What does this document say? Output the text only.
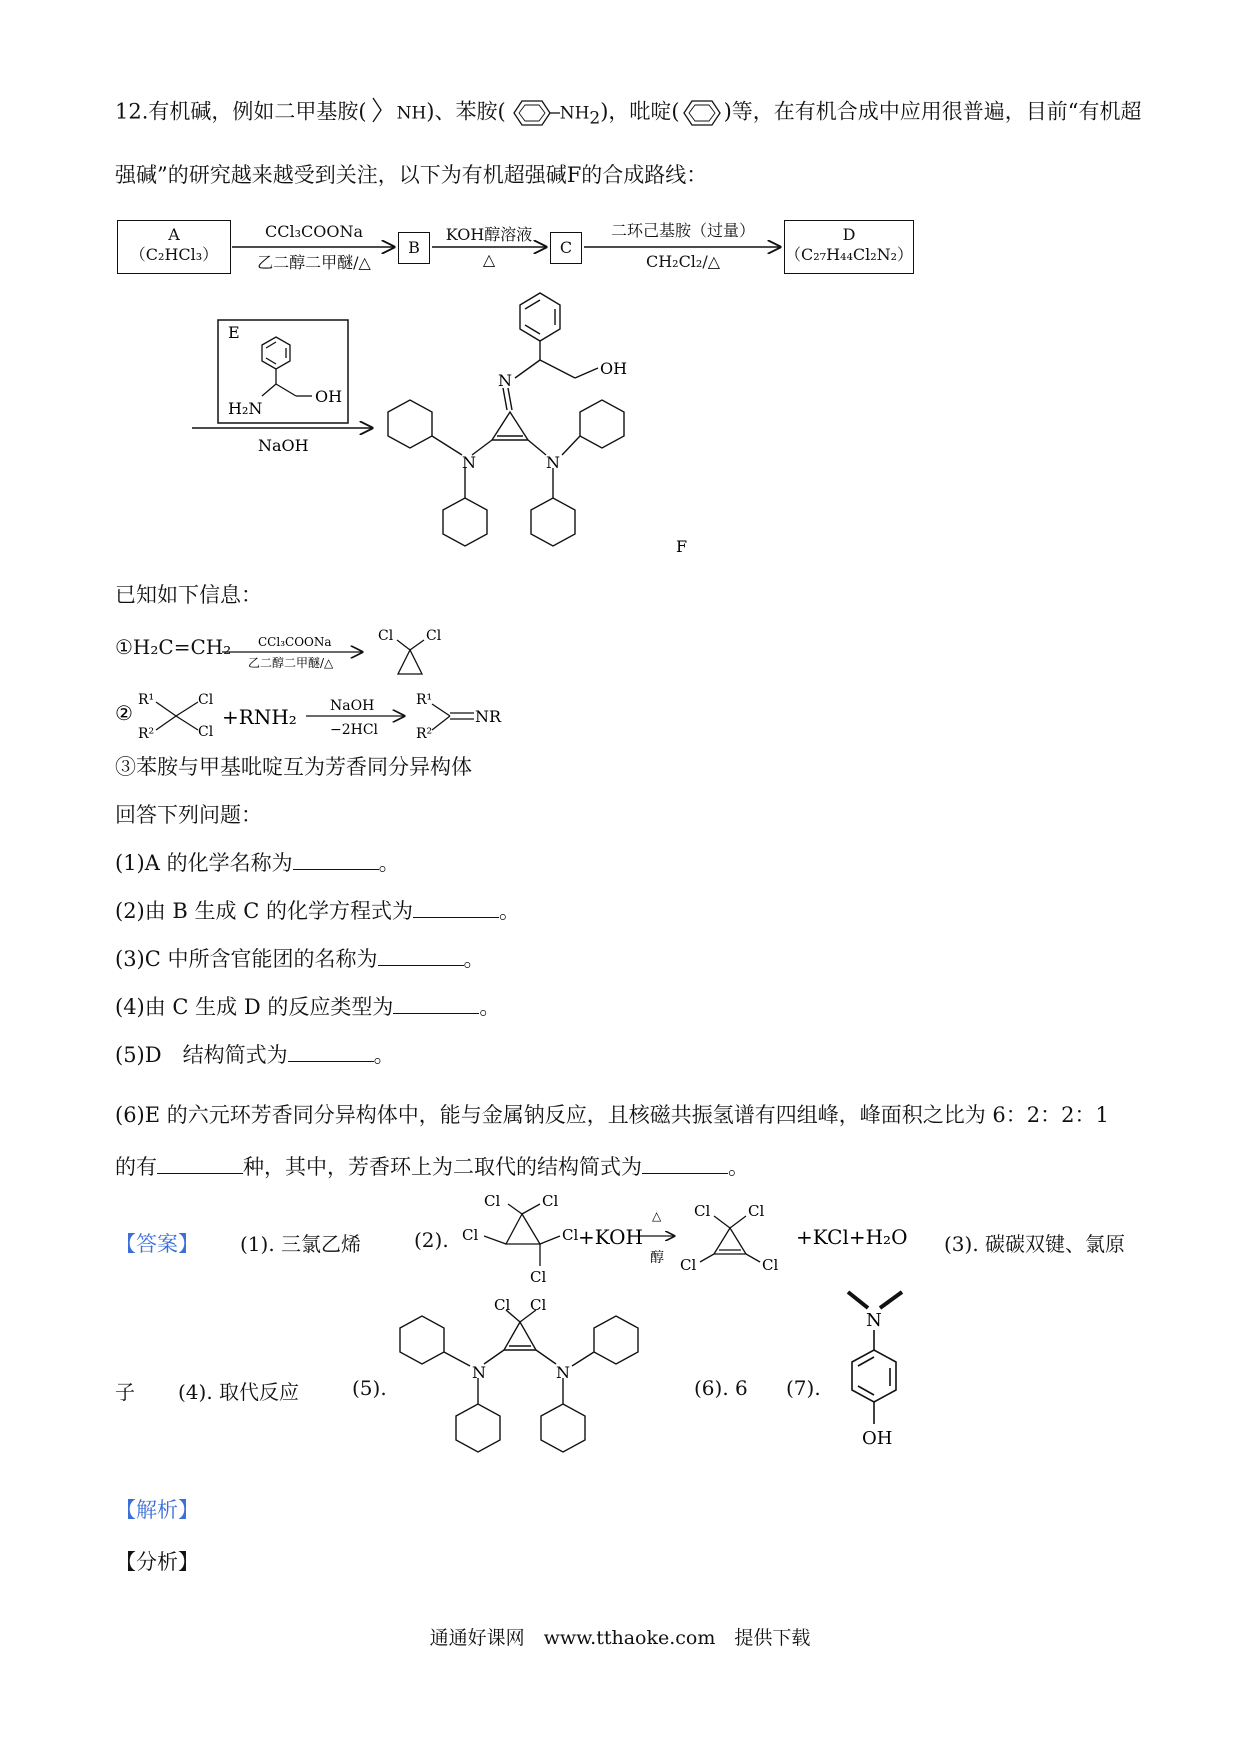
12.有机碱，例如二甲基胺( NH)、苯胺(	$NH_2$)，吡啶( )等，在有机合成中应用很普遍，目前“有机超
强碱”的研究越来越受到关注，以下为有机超强碱F的合成路线：
A
（C₂HCl₃）
CCl₃COONa
乙二醇二甲醚/△
B
KOH醇溶液
△
C
二环己基胺（过量）
CH₂Cl₂/△
D
（C₂₇H₄₄Cl₂N₂）
E
H₂N
OH
NaOH
N
N	N
OH
F
已知如下信息：
①H₂C=CH₂ CCl₃COONa
乙二醇二甲醚/△
Cl Cl
②
R¹
R²
Cl
Cl
+RNH₂ NaOH
−2HCl
R¹
R²
NR
③苯胺与甲基吡啶互为芳香同分异构体
回答下列问题：
(1)A 的化学名称为	。
(2)由 B 生成 C 的化学方程式为	。
(3)C 中所含官能团的名称为	。
(4)由 C 生成 D 的反应类型为	。
(5)D　结构简式为	。
(6)E 的六元环芳香同分异构体中，能与金属钠反应，且核磁共振氢谱有四组峰，峰面积之比为 6：2：2：1
的有	种，其中，芳香环上为二取代的结构简式为	。
【答案】 (1). 三氯乙烯	(2).
Cl	Cl
Cl	Cl
Cl
+KOH
△
醇
Cl	Cl
Cl	Cl
+KCl+H₂O (3). 碳碳双键、氯原
子 (4). 取代反应	(5).
Cl Cl
N	N
(6). 6 (7).
N
OH
【解析】
【分析】
通通好课网　www.tthaoke.com　提供下载
